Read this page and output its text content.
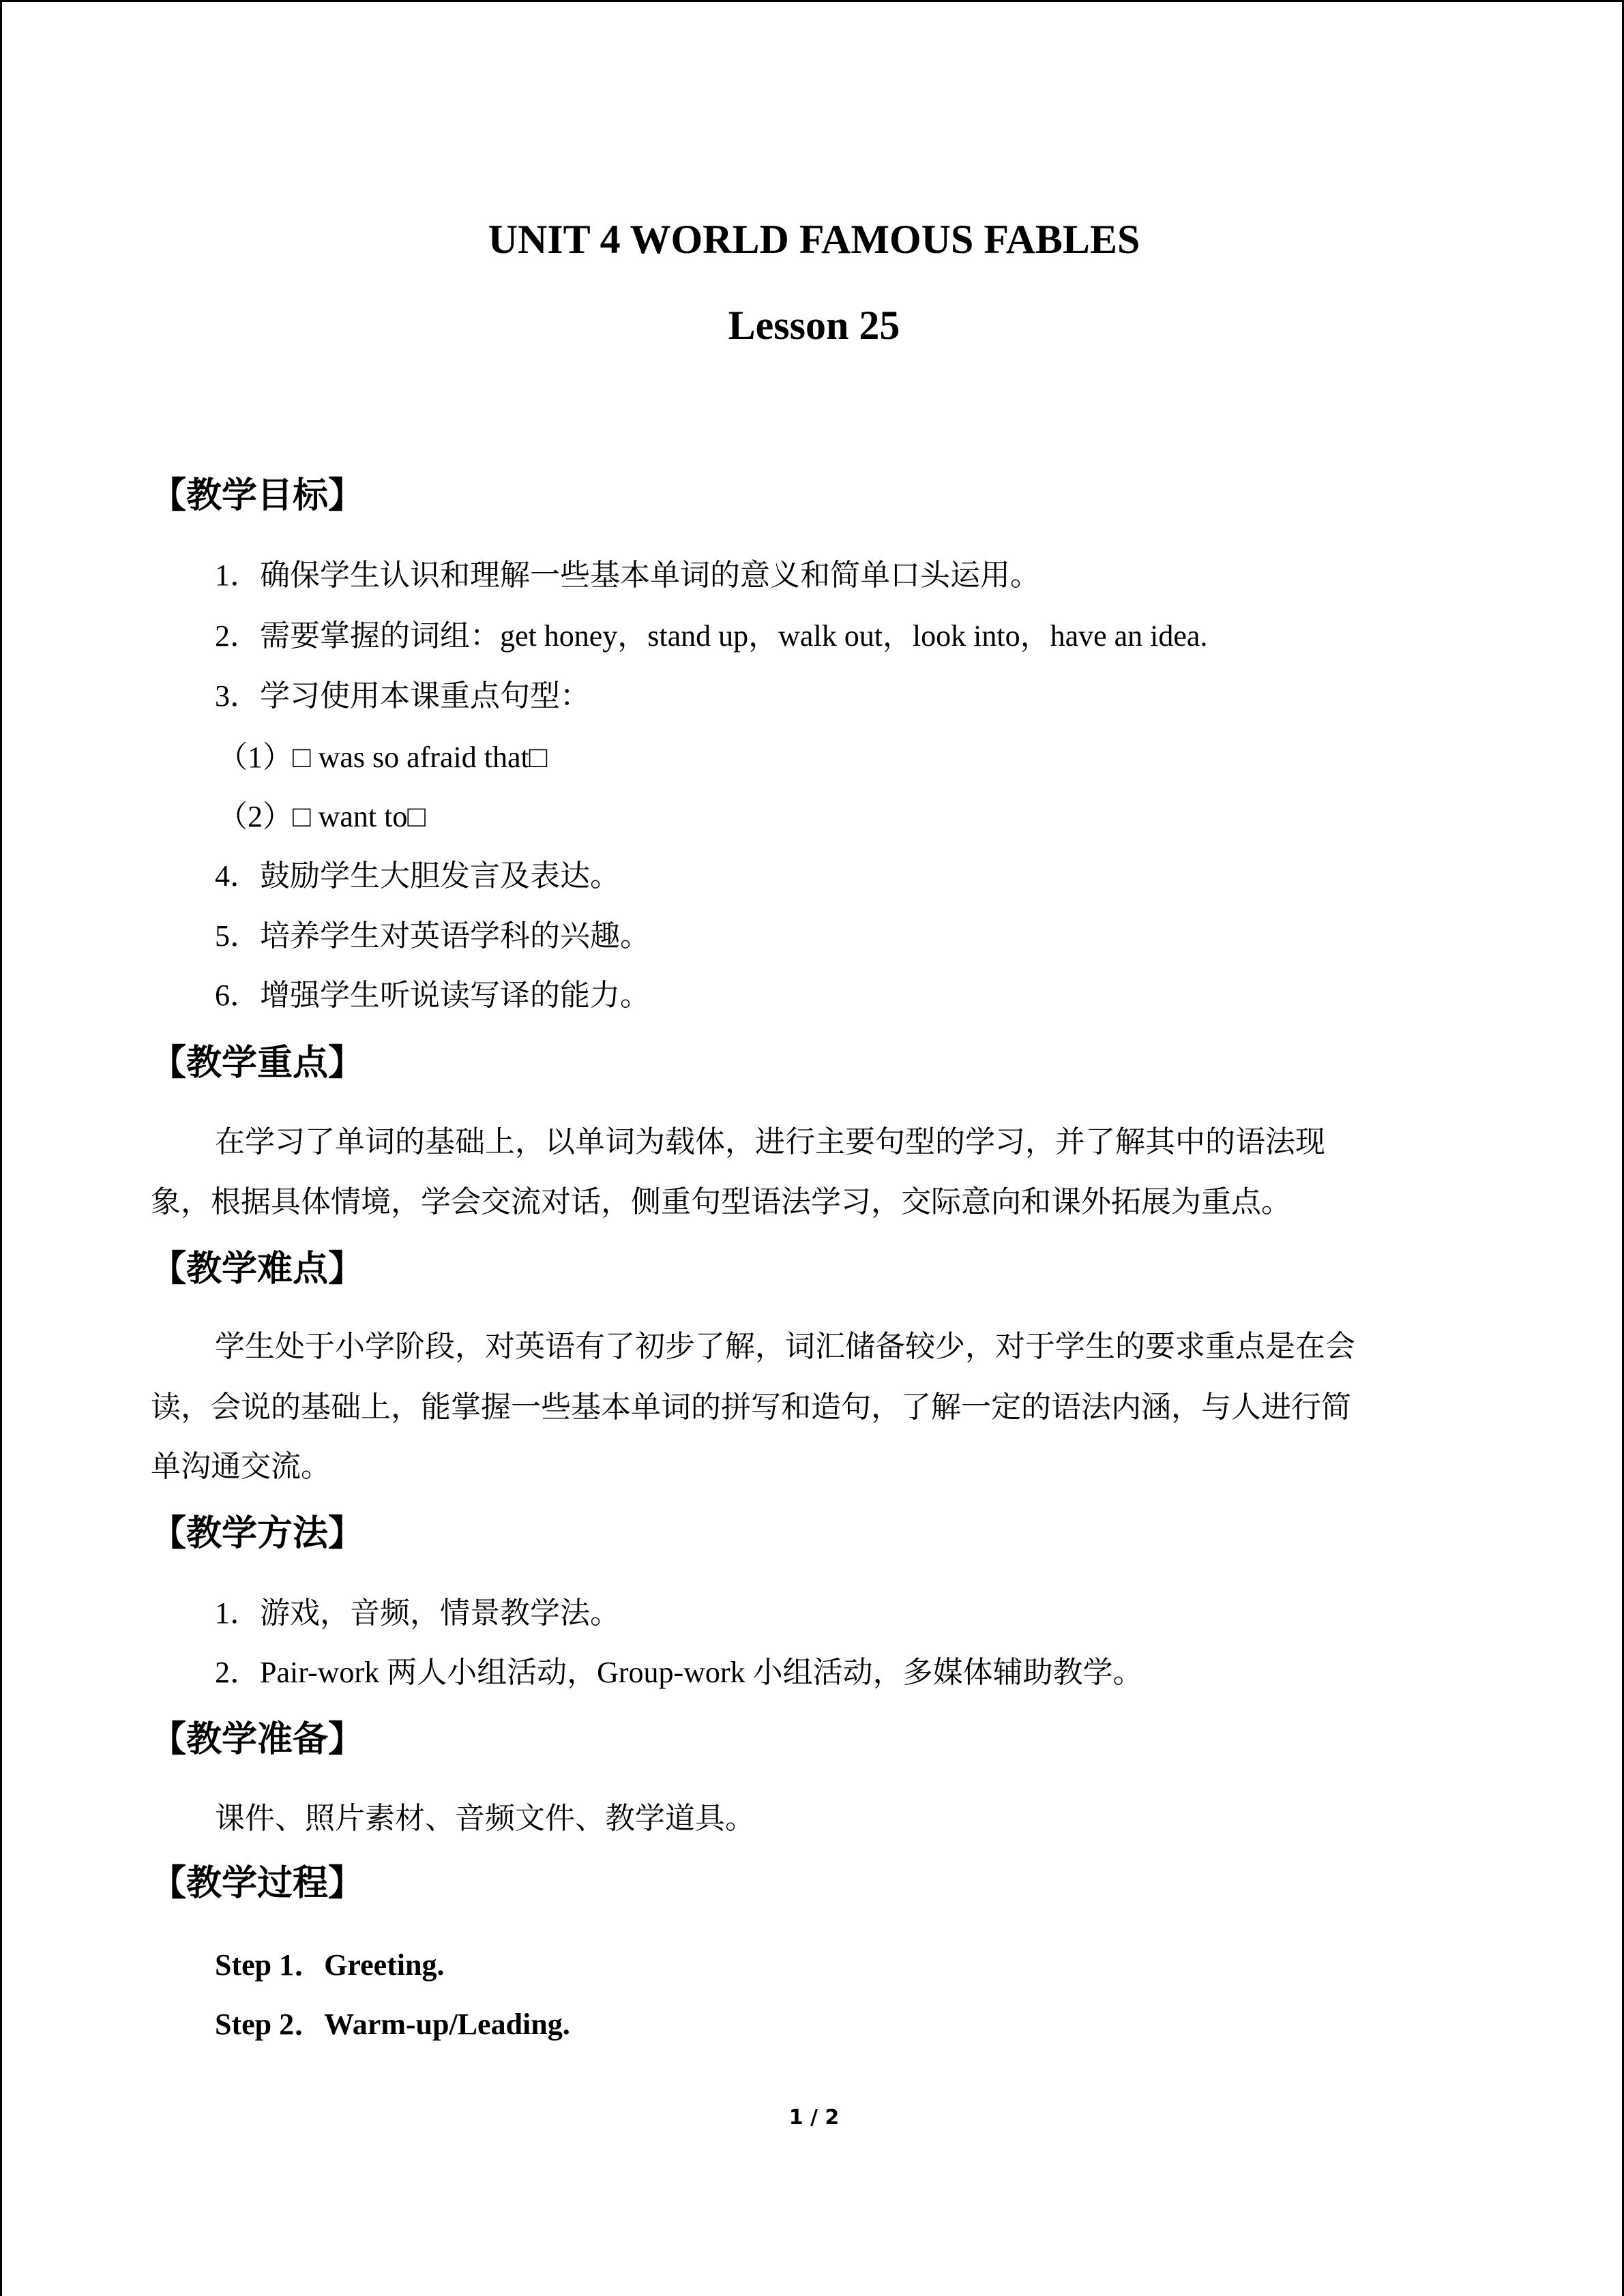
UNIT 4 WORLD FAMOUS FABLES
Lesson 25
【教学目标】
1．确保学生认识和理解一些基本单词的意义和简单口头运用。
2．需要掌握的词组：get honey，stand up，walk out，look into，have an idea.
3．学习使用本课重点句型：
（1）□ was so afraid that□
（2）□ want to□
4．鼓励学生大胆发言及表达。
5．培养学生对英语学科的兴趣。
6．增强学生听说读写译的能力。
【教学重点】
在学习了单词的基础上，以单词为载体，进行主要句型的学习，并了解其中的语法现
象，根据具体情境，学会交流对话，侧重句型语法学习，交际意向和课外拓展为重点。
【教学难点】
学生处于小学阶段，对英语有了初步了解，词汇储备较少，对于学生的要求重点是在会
读，会说的基础上，能掌握一些基本单词的拼写和造句，了解一定的语法内涵，与人进行简
单沟通交流。
【教学方法】
1．游戏，音频，情景教学法。
2．Pair-work 两人小组活动，Group-work 小组活动，多媒体辅助教学。
【教学准备】
课件、照片素材、音频文件、教学道具。
【教学过程】
Step 1．Greeting.
Step 2．Warm-up/Leading.
1 / 2
